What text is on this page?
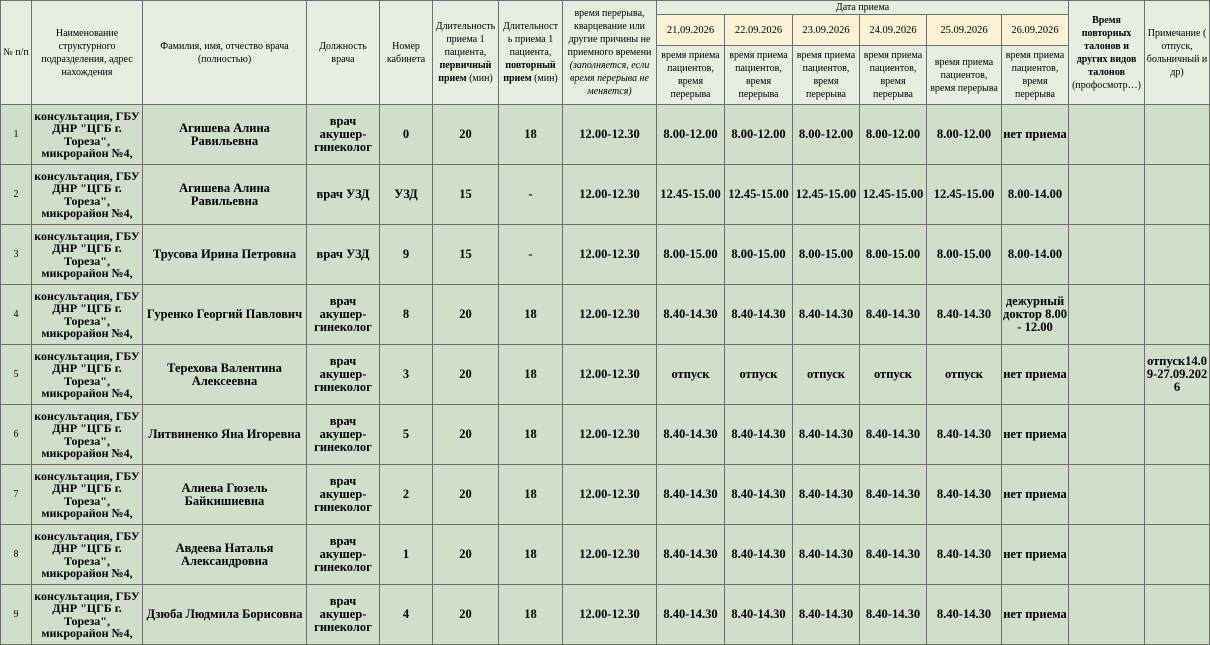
№ п/п	Наименование структурного подразделения, адрес нахождения	Фамилия, имя, отчество врача (полностью)	Должность врача	Номер кабинета	Длительность приема 1 пациента, первичный прием (мин)	Длительност ь приема 1 пациента, повторный прием (мин)	время перерыва, кварцевание или другие причины не приемного времени (заполняется, если время перерыва не меняется)	Дата приема						Время повторных талонов и других видов талонов (профосмотр…)	Примечание ( отпуск, больничный и др)
								21.09.2026	22.09.2026	23.09.2026	24.09.2026	25.09.2026	26.09.2026		
								время приема пациентов, время перерыва	время приема пациентов, время перерыва	время приема пациентов, время перерыва	время приема пациентов, время перерыва	время приема пациентов, время перерыва	время приема пациентов, время перерыва		
1	консультация, ГБУ ДНР "ЦГБ г. Тореза", микрорайон №4,	Агишева Алина Равильевна	врач акушер-гинеколог	0	20	18	12.00-12.30	8.00-12.00	8.00-12.00	8.00-12.00	8.00-12.00	8.00-12.00	нет приема		
2	консультация, ГБУ ДНР "ЦГБ г. Тореза", микрорайон №4,	Агишева Алина Равильевна	врач УЗД	УЗД	15	-	12.00-12.30	12.45-15.00	12.45-15.00	12.45-15.00	12.45-15.00	12.45-15.00	8.00-14.00		
3	консультация, ГБУ ДНР "ЦГБ г. Тореза", микрорайон №4,	Трусова Ирина Петровна	врач УЗД	9	15	-	12.00-12.30	8.00-15.00	8.00-15.00	8.00-15.00	8.00-15.00	8.00-15.00	8.00-14.00		
4	консультация, ГБУ ДНР "ЦГБ г. Тореза", микрорайон №4,	Гуренко Георгий Павлович	врач акушер-гинеколог	8	20	18	12.00-12.30	8.40-14.30	8.40-14.30	8.40-14.30	8.40-14.30	8.40-14.30	дежурный доктор 8.00 - 12.00		
5	консультация, ГБУ ДНР "ЦГБ г. Тореза", микрорайон №4,	Терехова Валентина Алексеевна	врач акушер-гинеколог	3	20	18	12.00-12.30	отпуск	отпуск	отпуск	отпуск	отпуск	нет приема		отпуск14.09-27.09.2026
6	консультация, ГБУ ДНР "ЦГБ г. Тореза", микрорайон №4,	Литвиненко Яна Игоревна	врач акушер-гинеколог	5	20	18	12.00-12.30	8.40-14.30	8.40-14.30	8.40-14.30	8.40-14.30	8.40-14.30	нет приема		
7	консультация, ГБУ ДНР "ЦГБ г. Тореза", микрорайон №4,	Алиева Гюзель Байкишиевна	врач акушер-гинеколог	2	20	18	12.00-12.30	8.40-14.30	8.40-14.30	8.40-14.30	8.40-14.30	8.40-14.30	нет приема		
8	консультация, ГБУ ДНР "ЦГБ г. Тореза", микрорайон №4,	Авдеева Наталья Александровна	врач акушер-гинеколог	1	20	18	12.00-12.30	8.40-14.30	8.40-14.30	8.40-14.30	8.40-14.30	8.40-14.30	нет приема		
9	консультация, ГБУ ДНР "ЦГБ г. Тореза", микрорайон №4,	Дзюба Людмила Борисовна	врач акушер-гинеколог	4	20	18	12.00-12.30	8.40-14.30	8.40-14.30	8.40-14.30	8.40-14.30	8.40-14.30	нет приема		
